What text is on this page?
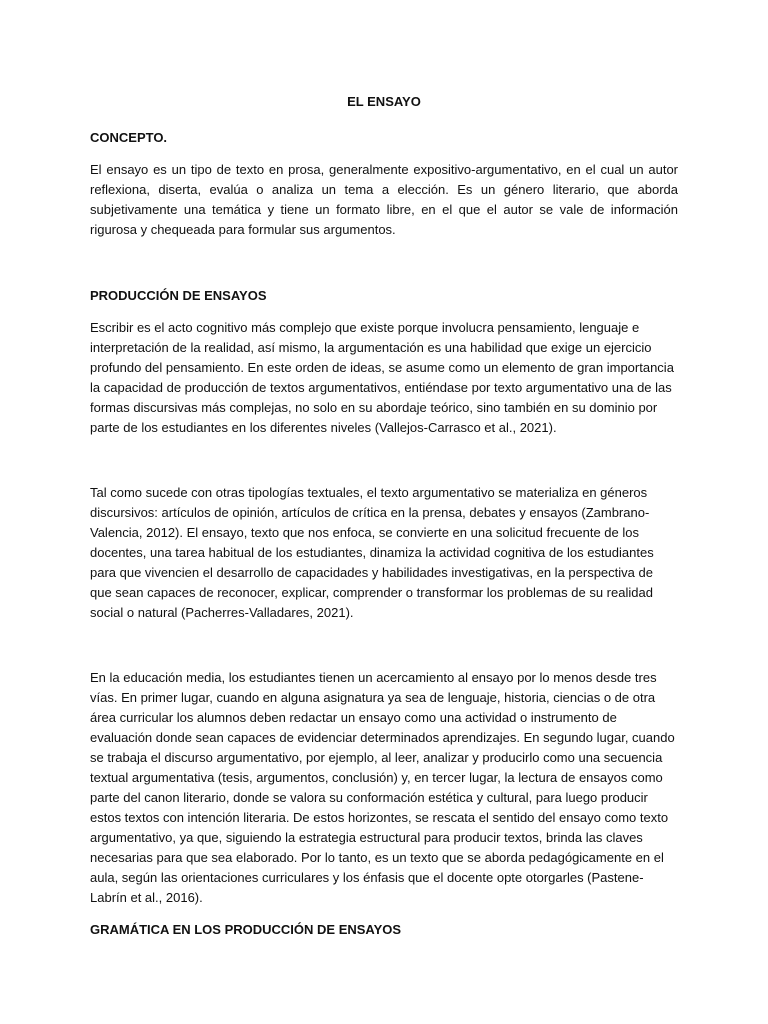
EL ENSAYO
CONCEPTO.

El ensayo es un tipo de texto en prosa, generalmente expositivo-argumentativo, en el cual un autor reflexiona, diserta, evalúa o analiza un tema a elección. Es un género literario, que aborda subjetivamente una temática y tiene un formato libre, en el que el autor se vale de información rigurosa y chequeada para formular sus argumentos.

PRODUCCIÓN DE ENSAYOS

Escribir es el acto cognitivo más complejo que existe porque involucra pensamiento, lenguaje e interpretación de la realidad, así mismo, la argumentación es una habilidad que exige un ejercicio profundo del pensamiento. En este orden de ideas, se asume como un elemento de gran importancia la capacidad de producción de textos argumentativos, entiéndase por texto argumentativo una de las formas discursivas más complejas, no solo en su abordaje teórico, sino también en su dominio por parte de los estudiantes en los diferentes niveles (Vallejos-Carrasco et al., 2021).

Tal como sucede con otras tipologías textuales, el texto argumentativo se materializa en géneros discursivos: artículos de opinión, artículos de crítica en la prensa, debates y ensayos (Zambrano-Valencia, 2012). El ensayo, texto que nos enfoca, se convierte en una solicitud frecuente de los docentes, una tarea habitual de los estudiantes, dinamiza la actividad cognitiva de los estudiantes para que vivencien el desarrollo de capacidades y habilidades investigativas, en la perspectiva de que sean capaces de reconocer, explicar, comprender o transformar los problemas de su realidad social o natural (Pacherres-Valladares, 2021).

En la educación media, los estudiantes tienen un acercamiento al ensayo por lo menos desde tres vías. En primer lugar, cuando en alguna asignatura ya sea de lenguaje, historia, ciencias o de otra área curricular los alumnos deben redactar un ensayo como una actividad o instrumento de evaluación donde sean capaces de evidenciar determinados aprendizajes. En segundo lugar, cuando se trabaja el discurso argumentativo, por ejemplo, al leer, analizar y producirlo como una secuencia textual argumentativa (tesis, argumentos, conclusión) y, en tercer lugar, la lectura de ensayos como parte del canon literario, donde se valora su conformación estética y cultural, para luego producir estos textos con intención literaria. De estos horizontes, se rescata el sentido del ensayo como texto argumentativo, ya que, siguiendo la estrategia estructural para producir textos, brinda las claves necesarias para que sea elaborado. Por lo tanto, es un texto que se aborda pedagógicamente en el aula, según las orientaciones curriculares y los énfasis que el docente opte otorgarles (Pastene-Labrín et al., 2016).

GRAMÁTICA EN LOS PRODUCCIÓN DE ENSAYOS
